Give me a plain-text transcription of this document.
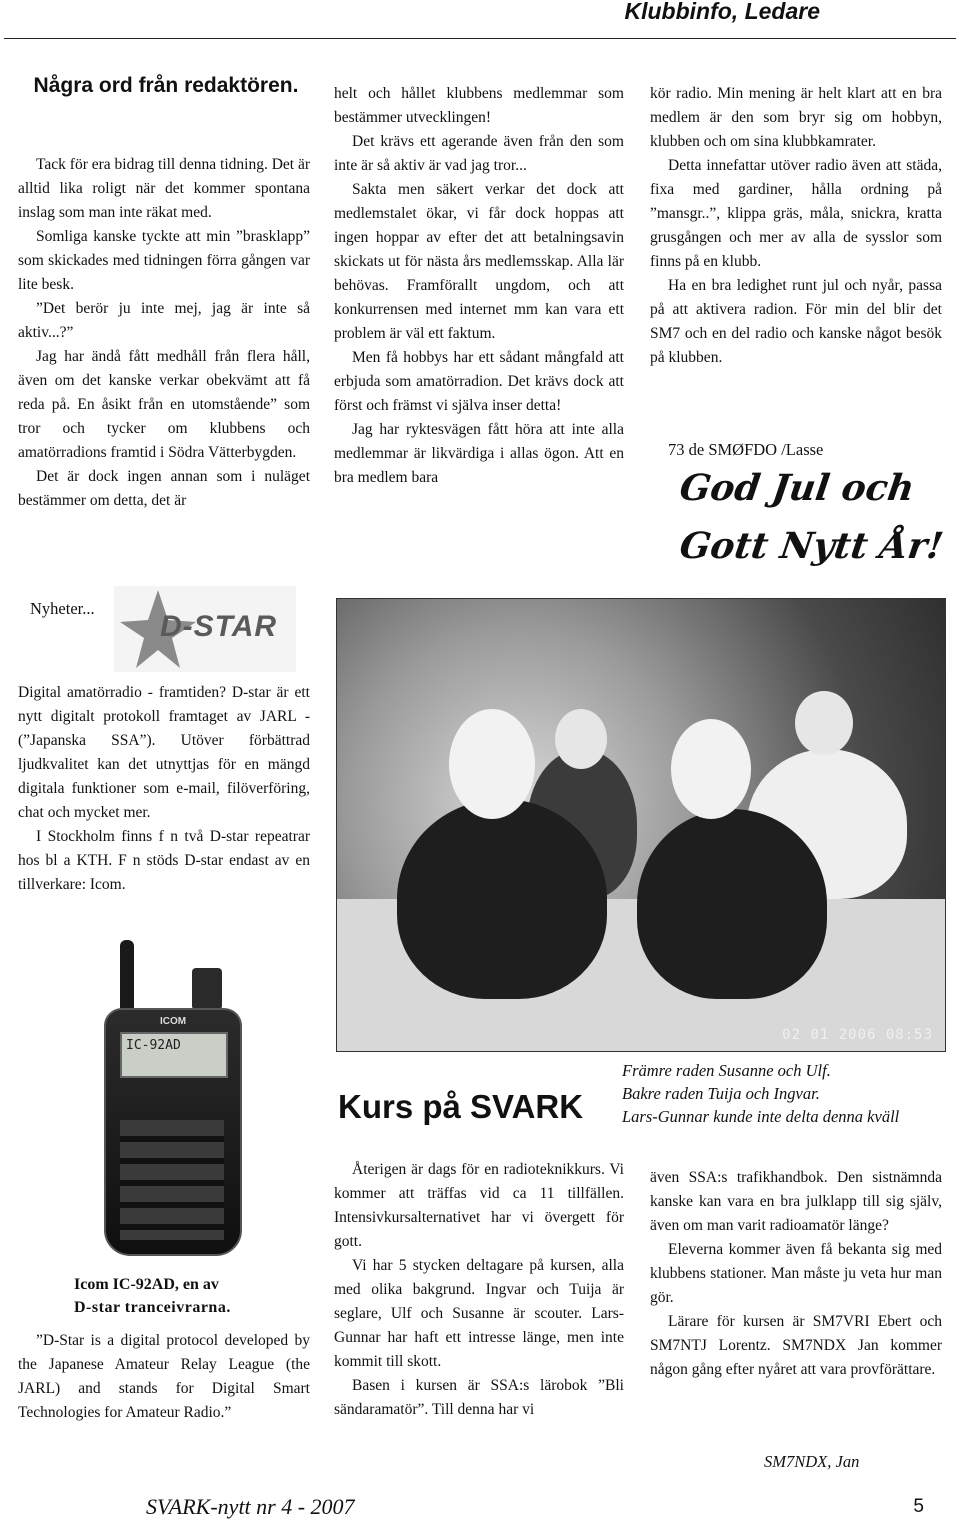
Klubbinfo, Ledare
Några ord från redaktören.

Tack för era bidrag till denna tidning. Det är alltid lika roligt när det kommer spontana inslag som man inte räkat med.

Somliga kanske tyckte att min ”brasklapp” som skickades med tidningen förra gången var lite besk.

”Det berör ju inte mej, jag är inte så aktiv...?”

Jag har ändå fått medhåll från flera håll, även om det kanske verkar obekvämt att få reda på. En åsikt från en utomstående” som tror och tycker om klubbens och amatörradions framtid i Södra Vätterbygden.

Det är dock ingen annan som i nuläget bestämmer om detta, det är

helt och hållet klubbens medlemmar som bestämmer utvecklingen!

Det krävs ett agerande även från den som inte är så aktiv är vad jag tror...

Sakta men säkert verkar det dock att medlemstalet ökar, vi får dock hoppas att ingen hoppar av efter det att betalningsavin skickats ut för nästa års medlemsskap. Alla lär behövas. Framförallt ungdom, och att konkurrensen med internet mm kan vara ett problem är väl ett faktum.

Men få hobbys har ett sådant mångfald att erbjuda som amatörradion. Det krävs dock att först och främst vi själva inser detta!

Jag har ryktesvägen fått höra att inte alla medlemmar är likvärdiga i allas ögon. Att en bra medlem bara

kör radio. Min mening är helt klart att en bra medlem är den som bryr sig om hobbyn, klubben och om sina klubbkamrater.

Detta innefattar utöver radio även att städa, fixa med gardiner, hålla ordning på ”mansgr..”, klippa gräs, måla, snickra, kratta grusgången och mer av alla de sysslor som finns på en klubb.

Ha en bra ledighet runt jul och nyår, passa på att aktivera radion. För min del blir det SM7 och en del radio och kanske något besök på klubben.

73 de SMØFDO /Lasse
God Jul och
Gott Nytt År!
Nyheter...
D-STAR

Digital amatörradio - framtiden? D-star är ett nytt digitalt protokoll framtaget av JARL - (”Japanska SSA”). Utöver förbättrad ljudkvalitet kan det utnyttjas för en mängd digitala funktioner som e-mail, filöverföring, chat och mycket mer.

I Stockholm finns f n två D-star repeatrar hos bl a KTH. F n stöds D-star endast av en tillverkare: Icom.

ICOM
IC-92AD
Icom IC-92AD, en av
D-star tranceivrarna.

”D-Star is a digital protocol developed by the Japanese Amateur Relay League (the JARL) and stands for Digital Smart Technologies for Amateur Radio.”

02 01 2006 08:53
Främre raden Susanne och Ulf.
Bakre raden Tuija och Ingvar.
Lars-Gunnar kunde inte delta denna kväll
Kurs på SVARK

Återigen är dags för en radioteknikkurs. Vi kommer att träffas vid ca 11 tillfällen. Intensivkursalternativet har vi övergett för gott.

Vi har 5 stycken deltagare på kursen, alla med olika bakgrund. Ingvar och Tuija är seglare, Ulf och Susanne är scouter. Lars-Gunnar har haft ett intresse länge, men inte kommit till skott.

Basen i kursen är SSA:s lärobok ”Bli sändaramatör”. Till denna har vi

även SSA:s trafikhandbok. Den sistnämnda kanske kan vara en bra julklapp till sig själv, även om man varit radioamatör länge?

Eleverna kommer även få bekanta sig med klubbens stationer. Man måste ju veta hur man gör.

Lärare för kursen är SM7VRI Ebert och SM7NTJ Lorentz. SM7NDX Jan kommer någon gång efter nyåret att vara provförättare.

SM7NDX, Jan
SVARK-nytt nr 4 - 2007	5
